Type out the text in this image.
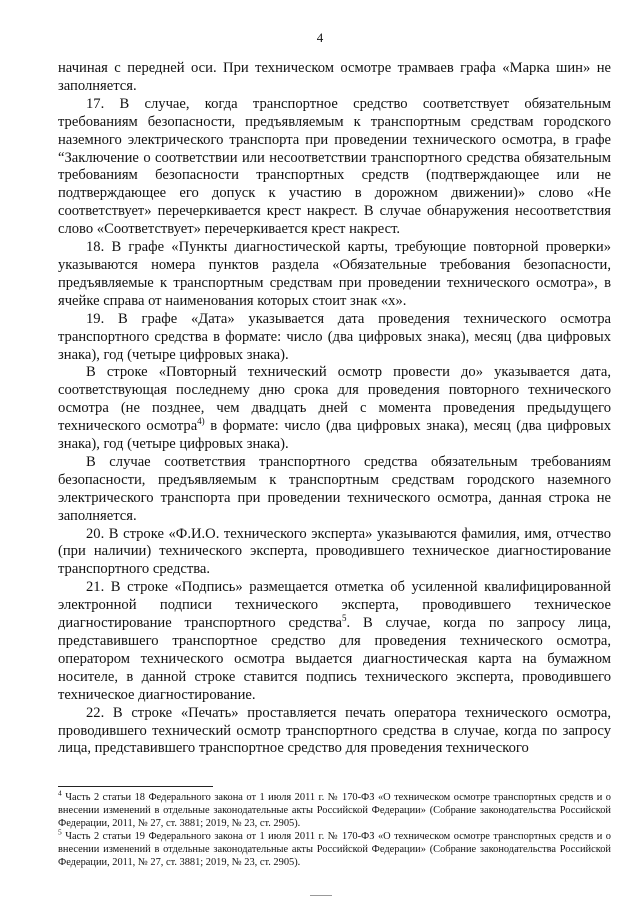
4

начиная с передней оси. При техническом осмотре трамваев графа «Марка шин» не заполняется.

17. В случае, когда транспортное средство соответствует обязательным требованиям безопасности, предъявляемым к транспортным средствам городского наземного электрического транспорта при проведении технического осмотра, в графе “Заключение о соответствии или несоответствии транспортного средства обязательным требованиям безопасности транспортных средств (подтверждающее или не подтверждающее его допуск к участию в дорожном движении)» слово «Не соответствует» перечеркивается крест накрест. В случае обнаружения несоответствия слово «Соответствует» перечеркивается крест накрест.

18. В графе «Пункты диагностической карты, требующие повторной проверки» указываются номера пунктов раздела «Обязательные требования безопасности, предъявляемые к транспортным средствам при проведении технического осмотра», в ячейке справа от наименования которых стоит знак «x».

19. В графе «Дата» указывается дата проведения технического осмотра транспортного средства в формате: число (два цифровых знака), месяц (два цифровых знака), год (четыре цифровых знака).

В строке «Повторный технический осмотр провести до» указывается дата, соответствующая последнему дню срока для проведения повторного технического осмотра (не позднее, чем двадцать дней с момента проведения предыдущего технического осмотра$^{4)}$ в формате: число (два цифровых знака), месяц (два цифровых знака), год (четыре цифровых знака).

В случае соответствия транспортного средства обязательным требованиям безопасности, предъявляемым к транспортным средствам городского наземного электрического транспорта при проведении технического осмотра, данная строка не заполняется.

20. В строке «Ф.И.О. технического эксперта» указываются фамилия, имя, отчество (при наличии) технического эксперта, проводившего техническое диагностирование транспортного средства.

21. В строке «Подпись» размещается отметка об усиленной квалифицированной электронной подписи технического эксперта, проводившего техническое диагностирование транспортного средства$^5$. В случае, когда по запросу лица, представившего транспортное средство для проведения технического осмотра, оператором технического осмотра выдается диагностическая карта на бумажном носителе, в данной строке ставится подпись технического эксперта, проводившего техническое диагностирование.

22. В строке «Печать» проставляется печать оператора технического осмотра, проводившего технический осмотр транспортного средства в случае, когда по запросу лица, представившего транспортное средство для проведения технического

$^4$ Часть 2 статьи 18 Федерального закона от 1 июля 2011 г. № 170-ФЗ «О техническом осмотре транспортных средств и о внесении изменений в отдельные законодательные акты Российской Федерации» (Собрание законодательства Российской Федерации, 2011, № 27, ст. 3881; 2019, № 23, ст. 2905).

$^5$ Часть 2 статьи 19 Федерального закона от 1 июля 2011 г. № 170-ФЗ «О техническом осмотре транспортных средств и о внесении изменений в отдельные законодательные акты Российской Федерации» (Собрание законодательства Российской Федерации, 2011, № 27, ст. 3881; 2019, № 23, ст. 2905).
